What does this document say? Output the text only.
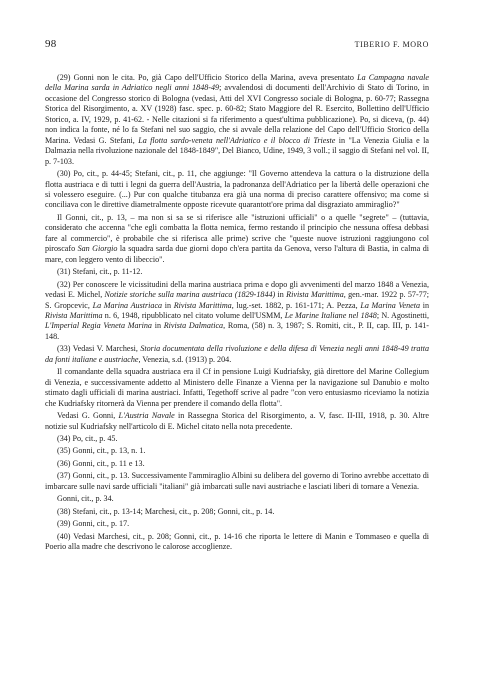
98	TIBERIO F. MORO

(29) Gonni non le cita. Po, già Capo dell'Ufficio Storico della Marina, aveva presentato La Campagna navale della Marina sarda in Adriatico negli anni 1848-49; avvalendosi di documenti dell'Archivio di Stato di Torino, in occasione del Congresso storico di Bologna (vedasi, Atti del XVI Congresso sociale di Bologna, p. 60-77; Rassegna Storica del Risorgimento, a. XV (1928) fasc. spec. p. 60-82; Stato Maggiore del R. Esercito, Bollettino dell'Ufficio Storico, a. IV, 1929, p. 41-62. - Nelle citazioni si fa riferimento a quest'ultima pubblicazione). Po, si diceva, (p. 44) non indica la fonte, né lo fa Stefani nel suo saggio, che si avvale della relazione del Capo dell'Ufficio Storico della Marina. Vedasi G. Stefani, La flotta sardo-veneta nell'Adriatico e il blocco di Trieste in "La Venezia Giulia e la Dalmazia nella rivoluzione nazionale del 1848-1849", Del Bianco, Udine, 1949, 3 voll.; il saggio di Stefani nel vol. II, p. 7-103.

(30) Po, cit., p. 44-45; Stefani, cit., p. 11, che aggiunge: "Il Governo attendeva la cattura o la distruzione della flotta austriaca e di tutti i legni da guerra dell'Austria, la padronanza dell'Adriatico per la libertà delle operazioni che si volessero eseguire. (...) Pur con qualche titubanza era già una norma di preciso carattere offensivo; ma come si conciliava con le direttive diametralmente opposte ricevute quarantott'ore prima dal disgraziato ammiraglio?"

Il Gonni, cit., p. 13, – ma non si sa se si riferisce alle "istruzioni ufficiali" o a quelle "segrete" – (tuttavia, considerato che accenna "che egli combatta la flotta nemica, fermo restando il principio che nessuna offesa debbasi fare al commercio", è probabile che si riferisca alle prime) scrive che "queste nuove istruzioni raggiungono col piroscafo San Giorgio la squadra sarda due giorni dopo ch'era partita da Genova, verso l'altura di Bastia, in calma di mare, con leggero vento di libeccio".

(31) Stefani, cit., p. 11-12.

(32) Per conoscere le vicissitudini della marina austriaca prima e dopo gli avvenimenti del marzo 1848 a Venezia, vedasi E. Michel, Notizie storiche sulla marina austriaca (1829-1844) in Rivista Marittima, gen.-mar. 1922 p. 57-77; S. Gropcevic, La Marina Austriaca in Rivista Marittima, lug.-set. 1882, p. 161-171; A. Pezza, La Marina Veneta in Rivista Marittima n. 6, 1948, ripubblicato nel citato volume dell'USMM, Le Marine Italiane nel 1848; N. Agostinetti, L'Imperial Regia Veneta Marina in Rivista Dalmatica, Roma, (58) n. 3, 1987; S. Romiti, cit., P. II, cap. III, p. 141-148.

(33) Vedasi V. Marchesi, Storia documentata della rivoluzione e della difesa di Venezia negli anni 1848-49 tratta da fonti italiane e austriache, Venezia, s.d. (1913) p. 204.

Il comandante della squadra austriaca era il Cf in pensione Luigi Kudriafsky, già direttore del Marine Collegium di Venezia, e successivamente addetto al Ministero delle Finanze a Vienna per la navigazione sul Danubio e molto stimato dagli ufficiali di marina austriaci. Infatti, Tegethoff scrive al padre "con vero entusiasmo riceviamo la notizia che Kudriafsky ritornerà da Vienna per prendere il comando della flotta".

Vedasi G. Gonni, L'Austria Navale in Rassegna Storica del Risorgimento, a. V, fasc. II-III, 1918, p. 30. Altre notizie sul Kudriafsky nell'articolo di E. Michel citato nella nota precedente.

(34) Po, cit., p. 45.

(35) Gonni, cit., p. 13, n. 1.

(36) Gonni, cit., p. 11 e 13.

(37) Gonni, cit., p. 13. Successivamente l'ammiraglio Albini su delibera del governo di Torino avrebbe accettato di imbarcare sulle navi sarde ufficiali "italiani" già imbarcati sulle navi austriache e lasciati liberi di tornare a Venezia.

Gonni, cit., p. 34.

(38) Stefani, cit., p. 13-14; Marchesi, cit., p. 208; Gonni, cit., p. 14.

(39) Gonni, cit., p. 17.

(40) Vedasi Marchesi, cit., p. 208; Gonni, cit., p. 14-16 che riporta le lettere di Manin e Tommaseo e quella di Poerio alla madre che descrivono le calorose accoglienze.
